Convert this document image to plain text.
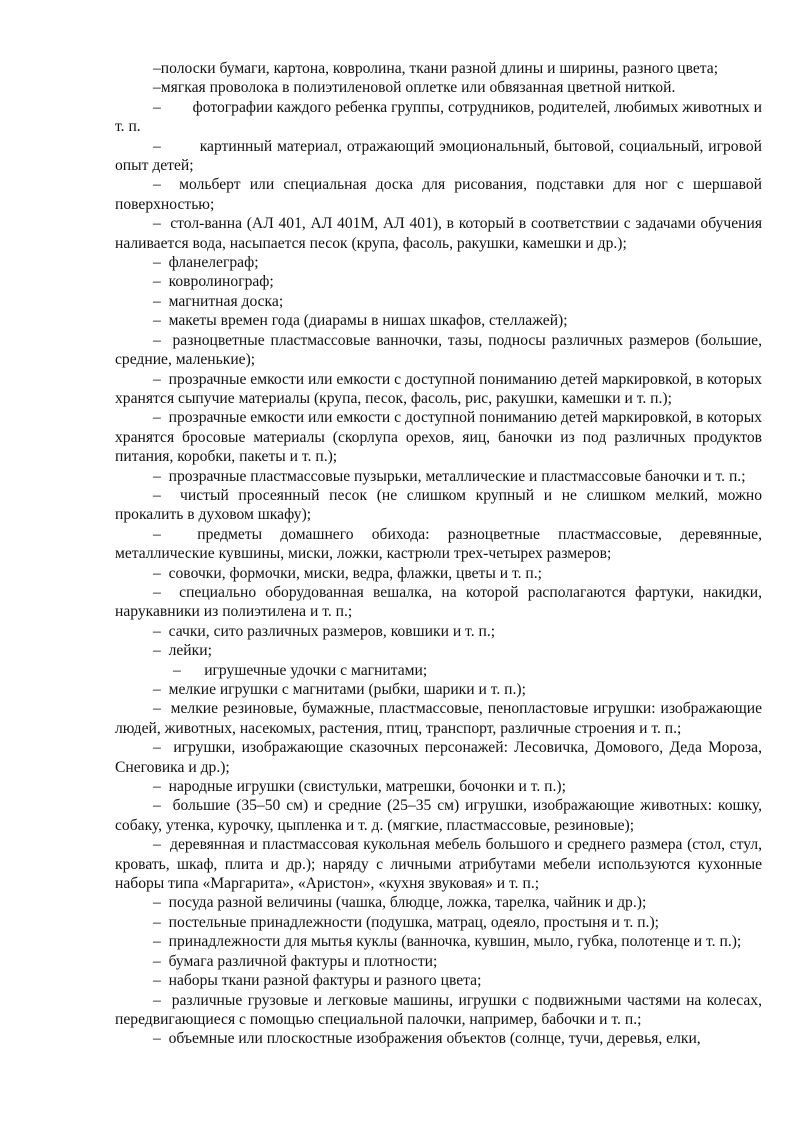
–полоски бумаги, картона, ковролина, ткани разной длины и ширины, разного цвета;

–мягкая проволока в полиэтиленовой оплетке или обвязанная цветной ниткой.

–        фотографии каждого ребенка группы, сотрудников, родителей, любимых животных и т. п.

–        картинный материал, отражающий эмоциональный, бытовой, социальный, игровой опыт детей;

–  мольберт или специальная доска для рисования, подставки для ног с шершавой поверхностью;

–  стол-ванна (АЛ 401, АЛ 401М, АЛ 401), в который в соответствии с задачами обучения наливается вода, насыпается песок (крупа, фасоль, ракушки, камешки и др.);

–  фланелеграф;

–  ковролинограф;

–  магнитная доска;

–  макеты времен года (диарамы в нишах шкафов, стеллажей);

–  разноцветные пластмассовые ванночки, тазы, подносы различных размеров (большие, средние, маленькие);

–  прозрачные емкости или емкости с доступной пониманию детей маркировкой, в которых хранятся сыпучие материалы (крупа, песок, фасоль, рис, ракушки, камешки и т. п.);

–  прозрачные емкости или емкости с доступной пониманию детей маркировкой, в которых хранятся бросовые материалы (скорлупа орехов, яиц, баночки из под различных продуктов питания, коробки, пакеты и т. п.);

–  прозрачные пластмассовые пузырьки, металлические и пластмассовые баночки и т. п.;

–  чистый просеянный песок (не слишком крупный и не слишком мелкий, можно прокалить в духовом шкафу);

–  предметы домашнего обихода: разноцветные пластмассовые, деревянные, металлические кувшины, миски, ложки, кастрюли трех-четырех размеров;

–  совочки, формочки, миски, ведра, флажки, цветы и т. п.;

–  специально оборудованная вешалка, на которой располагаются фартуки, накидки, нарукавники из полиэтилена и т. п.;

–  сачки, сито различных размеров, ковшики и т. п.;

–  лейки;

–      игрушечные удочки с магнитами;

–  мелкие игрушки с магнитами (рыбки, шарики и т. п.);

–  мелкие резиновые, бумажные, пластмассовые, пенопластовые игрушки: изображающие людей, животных, насекомых, растения, птиц, транспорт, различные строения и т. п.;

–  игрушки, изображающие сказочных персонажей: Лесовичка, Домового, Деда Мороза, Снеговика и др.);

–  народные игрушки (свистульки, матрешки, бочонки и т. п.);

–  большие (35–50 см) и средние (25–35 см) игрушки, изображающие животных: кошку, собаку, утенка, курочку, цыпленка и т. д. (мягкие, пластмассовые, резиновые);

–  деревянная и пластмассовая кукольная мебель большого и среднего размера (стол, стул, кровать, шкаф, плита и др.); наряду с личными атрибутами мебели используются кухонные наборы типа «Маргарита», «Аристон», «кухня звуковая» и т. п.;

–  посуда разной величины (чашка, блюдце, ложка, тарелка, чайник и др.);

–  постельные принадлежности (подушка, матрац, одеяло, простыня и т. п.);

–  принадлежности для мытья куклы (ванночка, кувшин, мыло, губка, полотенце и т. п.);

–  бумага различной фактуры и плотности;

–  наборы ткани разной фактуры и разного цвета;

–  различные грузовые и легковые машины, игрушки с подвижными частями на колесах, передвигающиеся с помощью специальной палочки, например, бабочки и т. п.;

–  объемные или плоскостные изображения объектов (солнце, тучи, деревья, елки,
